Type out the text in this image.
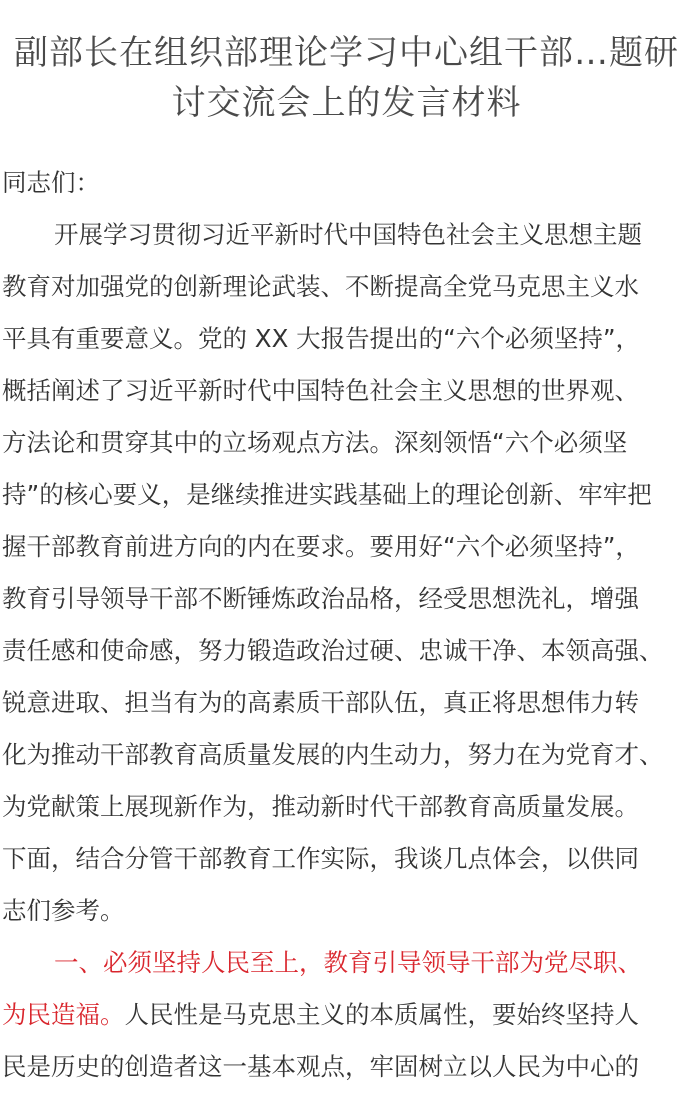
副部长在组织部理论学习中心组干部…题研
讨交流会上的发言材料
同志们：
开展学习贯彻习近平新时代中国特色社会主义思想主题
教育对加强党的创新理论武装、不断提高全党马克思主义水
平具有重要意义。党的 XX 大报告提出的“六个必须坚持”，
概括阐述了习近平新时代中国特色社会主义思想的世界观、
方法论和贯穿其中的立场观点方法。深刻领悟“六个必须坚
持”的核心要义，是继续推进实践基础上的理论创新、牢牢把
握干部教育前进方向的内在要求。要用好“六个必须坚持”，
教育引导领导干部不断锤炼政治品格，经受思想洗礼，增强
责任感和使命感，努力锻造政治过硬、忠诚干净、本领高强、
锐意进取、担当有为的高素质干部队伍，真正将思想伟力转
化为推动干部教育高质量发展的内生动力，努力在为党育才、
为党献策上展现新作为，推动新时代干部教育高质量发展。
下面，结合分管干部教育工作实际，我谈几点体会，以供同
志们参考。
一、必须坚持人民至上，教育引导领导干部为党尽职、
为民造福。人民性是马克思主义的本质属性，要始终坚持人
民是历史的创造者这一基本观点，牢固树立以人民为中心的
